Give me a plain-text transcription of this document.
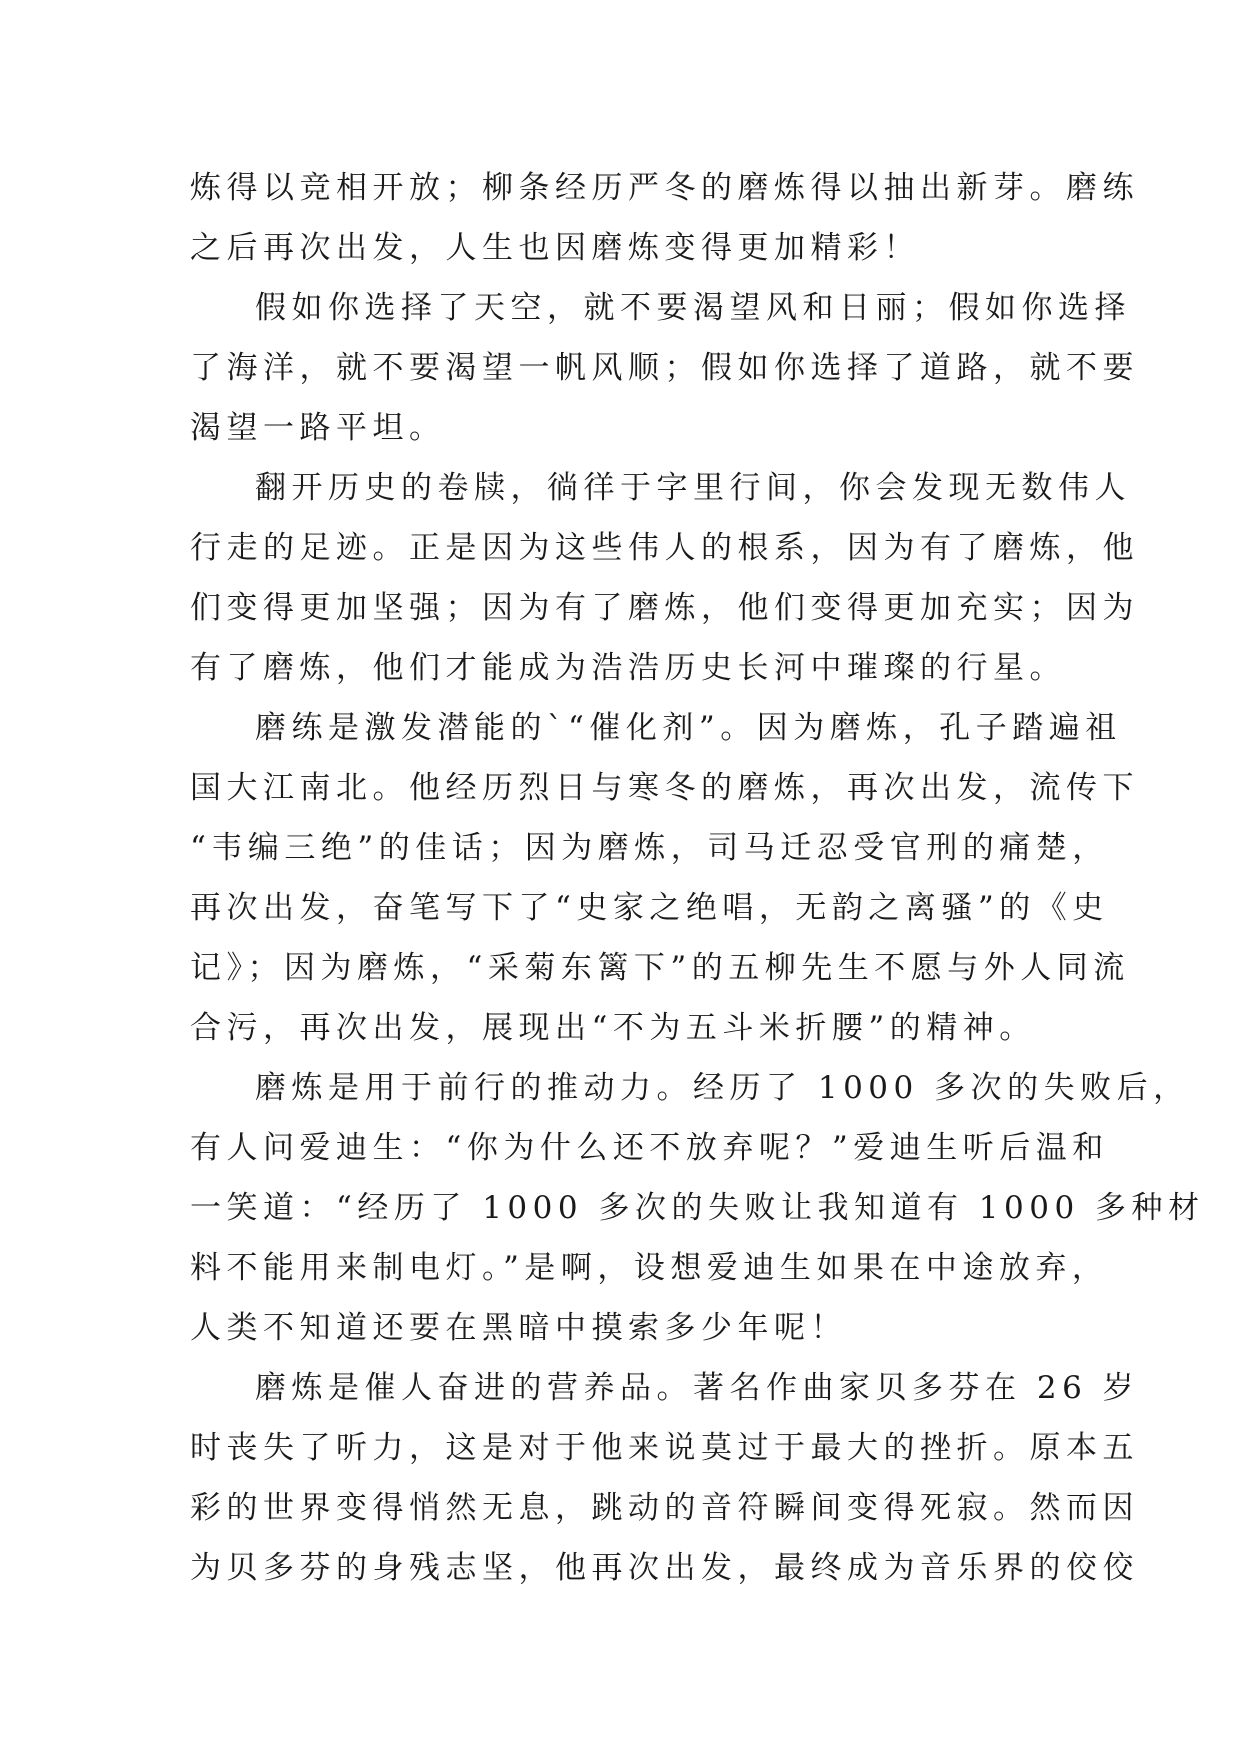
炼得以竞相开放；柳条经历严冬的磨炼得以抽出新芽。磨练
之后再次出发，人生也因磨炼变得更加精彩！
假如你选择了天空，就不要渴望风和日丽；假如你选择
了海洋，就不要渴望一帆风顺；假如你选择了道路，就不要
渴望一路平坦。
翻开历史的卷牍，徜徉于字里行间，你会发现无数伟人
行走的足迹。正是因为这些伟人的根系，因为有了磨炼，他
们变得更加坚强；因为有了磨炼，他们变得更加充实；因为
有了磨炼，他们才能成为浩浩历史长河中璀璨的行星。
磨练是激发潜能的`“催化剂”。因为磨炼，孔子踏遍祖
国大江南北。他经历烈日与寒冬的磨炼，再次出发，流传下
“韦编三绝”的佳话；因为磨炼，司马迁忍受官刑的痛楚，
再次出发，奋笔写下了“史家之绝唱，无韵之离骚”的《史
记》；因为磨炼，“采菊东篱下”的五柳先生不愿与外人同流
合污，再次出发，展现出“不为五斗米折腰”的精神。
磨炼是用于前行的推动力。经历了 1000 多次的失败后，
有人问爱迪生：“你为什么还不放弃呢？”爱迪生听后温和
一笑道：“经历了 1000 多次的失败让我知道有 1000 多种材
料不能用来制电灯。”是啊，设想爱迪生如果在中途放弃，
人类不知道还要在黑暗中摸索多少年呢！
磨炼是催人奋进的营养品。著名作曲家贝多芬在 26 岁
时丧失了听力，这是对于他来说莫过于最大的挫折。原本五
彩的世界变得悄然无息，跳动的音符瞬间变得死寂。然而因
为贝多芬的身残志坚，他再次出发，最终成为音乐界的佼佼
